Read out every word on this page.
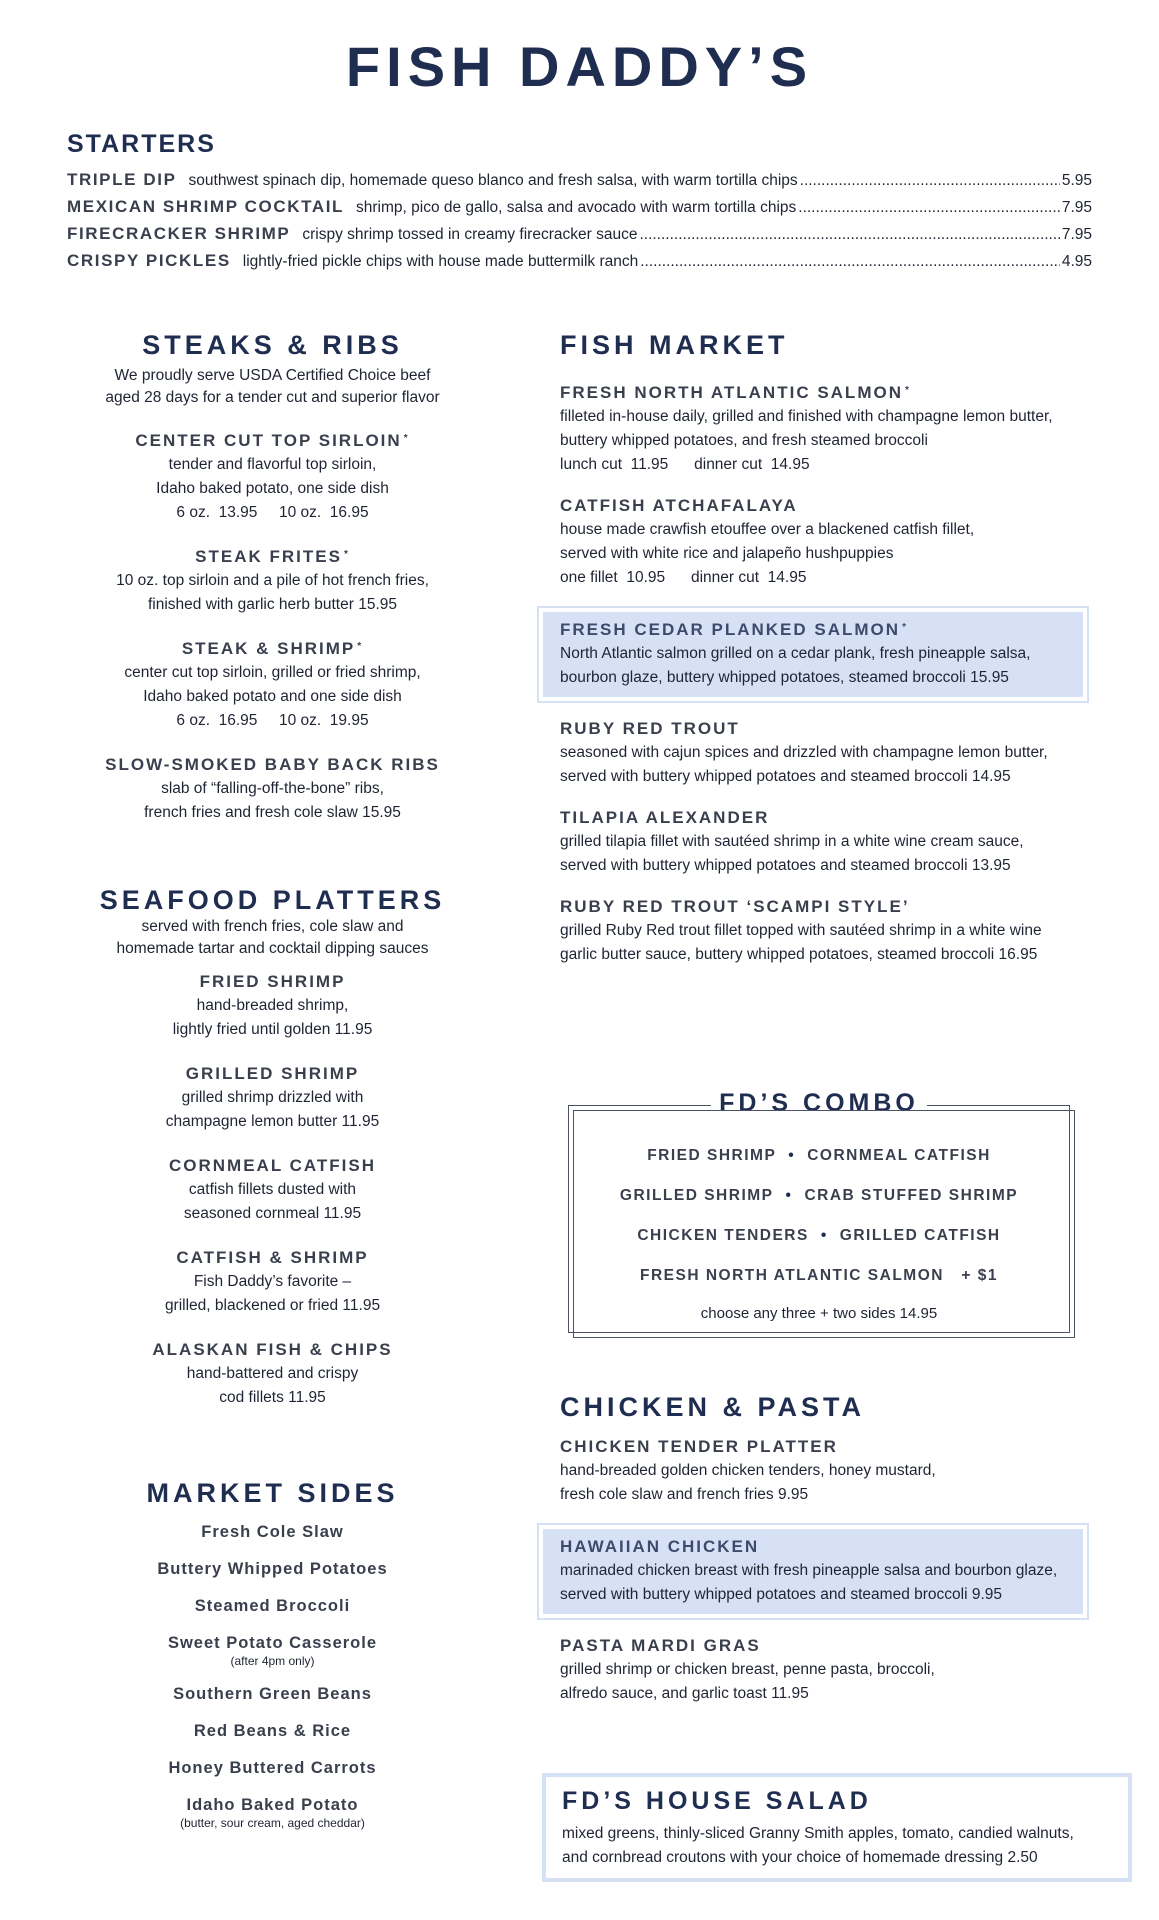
FISH DADDY’S
STARTERS
TRIPLE DIP southwest spinach dip, homemade queso blanco and fresh salsa, with warm tortilla chips .....	5.95
MEXICAN SHRIMP COCKTAIL shrimp, pico de gallo, salsa and avocado with warm tortilla chips .....	7.95
FIRECRACKER SHRIMP crispy shrimp tossed in creamy firecracker sauce .....	7.95
CRISPY PICKLES lightly-fried pickle chips with house made buttermilk ranch .....	4.95
STEAKS & RIBS
We proudly serve USDA Certified Choice beef
aged 28 days for a tender cut and superior flavor
CENTER CUT TOP SIRLOIN *
tender and flavorful top sirloin,
Idaho baked potato, one side dish
6 oz.  13.95     10 oz.  16.95
STEAK FRITES *
10 oz. top sirloin and a pile of hot french fries,
finished with garlic herb butter 15.95
STEAK & SHRIMP *
center cut top sirloin, grilled or fried shrimp,
Idaho baked potato and one side dish
6 oz.  16.95     10 oz.  19.95
SLOW-SMOKED BABY BACK RIBS
slab of “falling-off-the-bone” ribs,
french fries and fresh cole slaw 15.95
SEAFOOD PLATTERS
served with french fries, cole slaw and
homemade tartar and cocktail dipping sauces
FRIED SHRIMP
hand-breaded shrimp,
lightly fried until golden 11.95
GRILLED SHRIMP
grilled shrimp drizzled with
champagne lemon butter 11.95
CORNMEAL CATFISH
catfish fillets dusted with
seasoned cornmeal 11.95
CATFISH & SHRIMP
Fish Daddy’s favorite –
grilled, blackened or fried 11.95
ALASKAN FISH & CHIPS
hand-battered and crispy
cod fillets 11.95
MARKET SIDES
Fresh Cole Slaw
Buttery Whipped Potatoes
Steamed Broccoli
Sweet Potato Casserole
(after 4pm only)
Southern Green Beans
Red Beans & Rice
Honey Buttered Carrots
Idaho Baked Potato
(butter, sour cream, aged cheddar)
FISH MARKET
FRESH NORTH ATLANTIC SALMON *
filleted in-house daily, grilled and finished with champagne lemon butter,
buttery whipped potatoes, and fresh steamed broccoli
lunch cut  11.95      dinner cut  14.95
CATFISH ATCHAFALAYA
house made crawfish etouffee over a blackened catfish fillet,
served with white rice and jalapeño hushpuppies
one fillet  10.95      dinner cut  14.95
FRESH CEDAR PLANKED SALMON *
North Atlantic salmon grilled on a cedar plank, fresh pineapple salsa,
bourbon glaze, buttery whipped potatoes, steamed broccoli 15.95
RUBY RED TROUT
seasoned with cajun spices and drizzled with champagne lemon butter,
served with buttery whipped potatoes and steamed broccoli 14.95
TILAPIA ALEXANDER
grilled tilapia fillet with sautéed shrimp in a white wine cream sauce,
served with buttery whipped potatoes and steamed broccoli 13.95
RUBY RED TROUT ‘SCAMPI STYLE’
grilled Ruby Red trout fillet topped with sautéed shrimp in a white wine
garlic butter sauce, buttery whipped potatoes, steamed broccoli 16.95
FD’S COMBO
FRIED SHRIMP • CORNMEAL CATFISH
GRILLED SHRIMP • CRAB STUFFED SHRIMP
CHICKEN TENDERS • GRILLED CATFISH
FRESH NORTH ATLANTIC SALMON + $1
choose any three + two sides 14.95
CHICKEN & PASTA
CHICKEN TENDER PLATTER
hand-breaded golden chicken tenders, honey mustard,
fresh cole slaw and french fries 9.95
HAWAIIAN CHICKEN
marinaded chicken breast with fresh pineapple salsa and bourbon glaze,
served with buttery whipped potatoes and steamed broccoli 9.95
PASTA MARDI GRAS
grilled shrimp or chicken breast, penne pasta, broccoli,
alfredo sauce, and garlic toast 11.95
FD’S HOUSE SALAD
mixed greens, thinly-sliced Granny Smith apples, tomato, candied walnuts,
and cornbread croutons with your choice of homemade dressing 2.50
